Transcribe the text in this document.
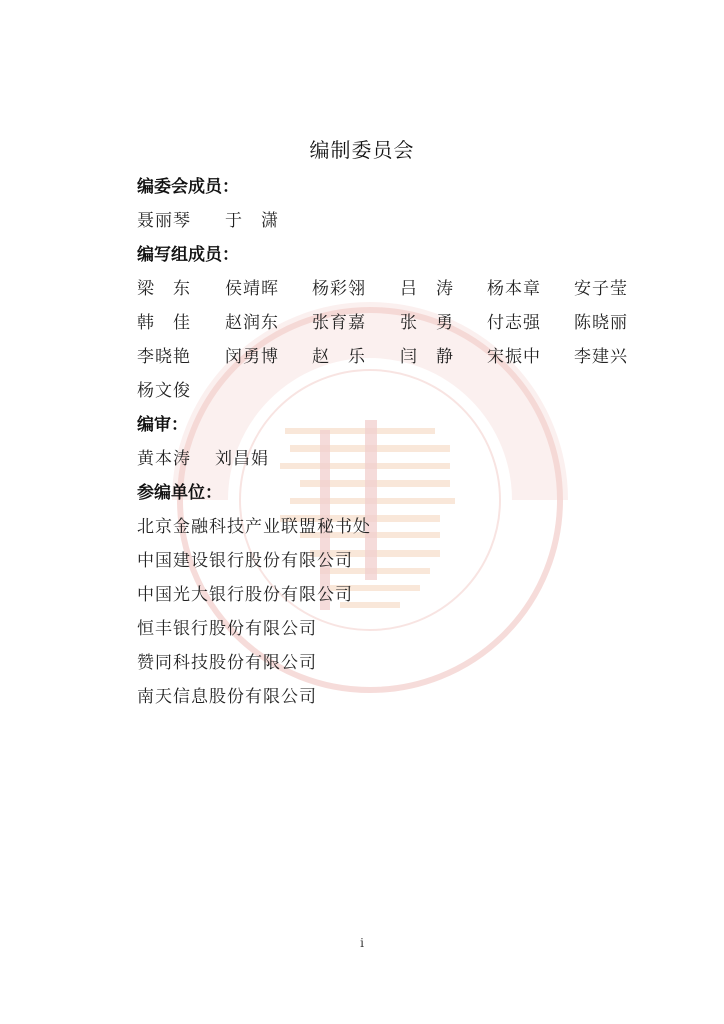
编制委员会
编委会成员：
聂丽琴 于　潇
编写组成员：
梁　东 侯靖晖 杨彩翎 吕　涛 杨本章 安子莹
韩　佳 赵润东 张育嘉 张　勇 付志强 陈晓丽
李晓艳 闵勇博 赵　乐 闫　静 宋振中 李建兴
杨文俊
编审：
黄本涛 刘昌娟
参编单位：
北京金融科技产业联盟秘书处
中国建设银行股份有限公司
中国光大银行股份有限公司
恒丰银行股份有限公司
赞同科技股份有限公司
南天信息股份有限公司
i
